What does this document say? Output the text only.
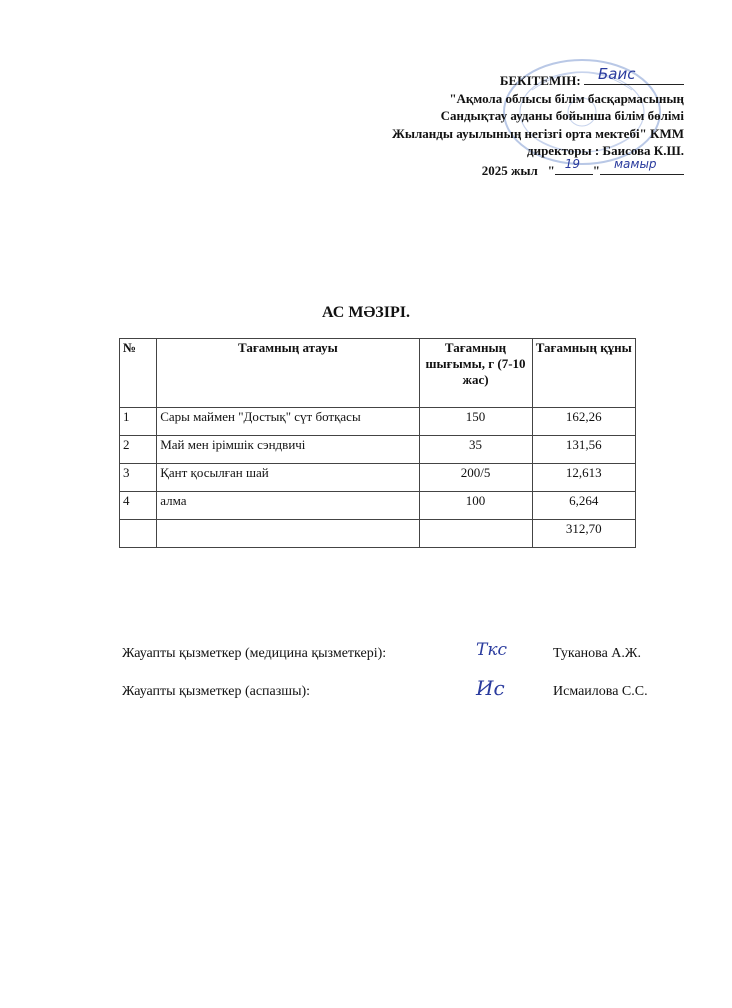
БЕКІТЕМІН: Баис
"Ақмола облысы білім басқармасының
Сандықтау ауданы бойынша білім бөлімі
Жыланды ауылының негізгі орта мектебі" КММ
директоры : Баисова К.Ш.
2025 жыл " 19 " мамыр
АС МӘЗІРІ.
№	Тағамның атауы	Тағамның шығымы, г (7-10 жас)	Тағамның құны
1	Сары маймен "Достық" сүт ботқасы	150	162,26
2	Май мен ірімшік сэндвичі	35	131,56
3	Қант қосылған шай	200/5	12,613
4	алма	100	6,264
			312,70
Жауапты қызметкер (медицина қызметкері):	Ткс	Туканова А.Ж.
Жауапты қызметкер (аспазшы):	Ис	Исмаилова С.С.
